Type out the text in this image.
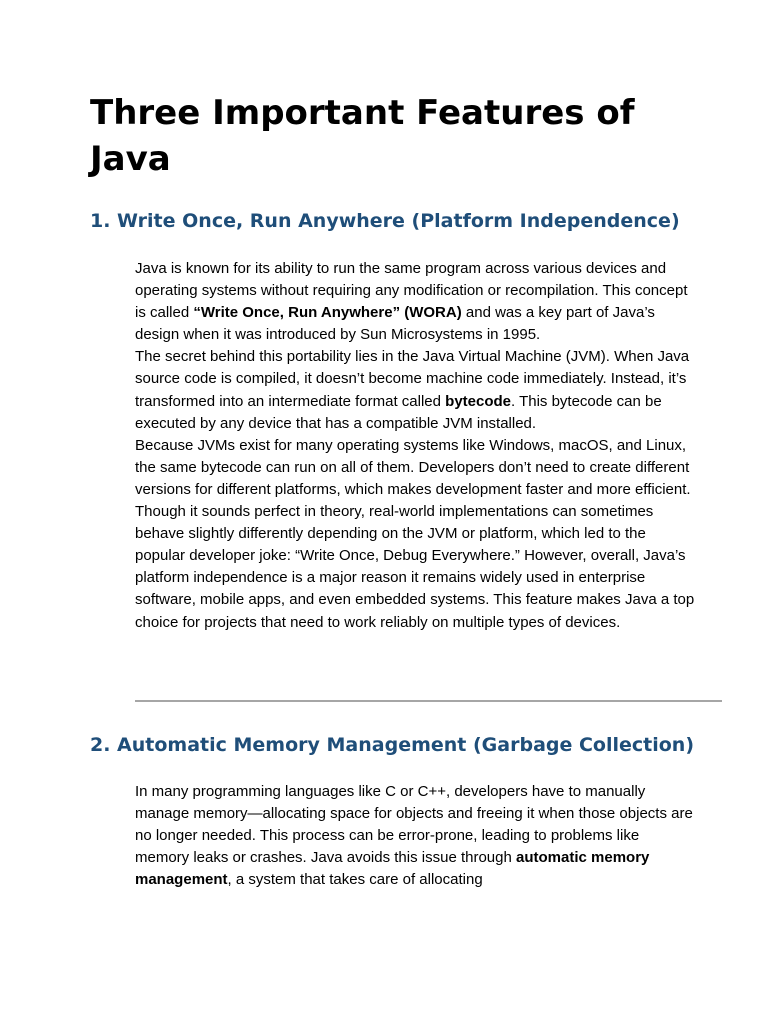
Three Important Features of Java
1. Write Once, Run Anywhere (Platform Independence)

Java is known for its ability to run the same program across various devices and operating systems without requiring any modification or recompilation. This concept is called “Write Once, Run Anywhere” (WORA) and was a key part of Java’s design when it was introduced by Sun Microsystems in 1995.

The secret behind this portability lies in the Java Virtual Machine (JVM). When Java source code is compiled, it doesn’t become machine code immediately. Instead, it’s transformed into an intermediate format called bytecode. This bytecode can be executed by any device that has a compatible JVM installed.

Because JVMs exist for many operating systems like Windows, macOS, and Linux, the same bytecode can run on all of them. Developers don’t need to create different versions for different platforms, which makes development faster and more efficient.

Though it sounds perfect in theory, real-world implementations can sometimes behave slightly differently depending on the JVM or platform, which led to the popular developer joke: “Write Once, Debug Everywhere.” However, overall, Java’s platform independence is a major reason it remains widely used in enterprise software, mobile apps, and even embedded systems. This feature makes Java a top choice for projects that need to work reliably on multiple types of devices.

2. Automatic Memory Management (Garbage Collection)

In many programming languages like C or C++, developers have to manually manage memory—allocating space for objects and freeing it when those objects are no longer needed. This process can be error-prone, leading to problems like memory leaks or crashes. Java avoids this issue through automatic memory management, a system that takes care of allocating
